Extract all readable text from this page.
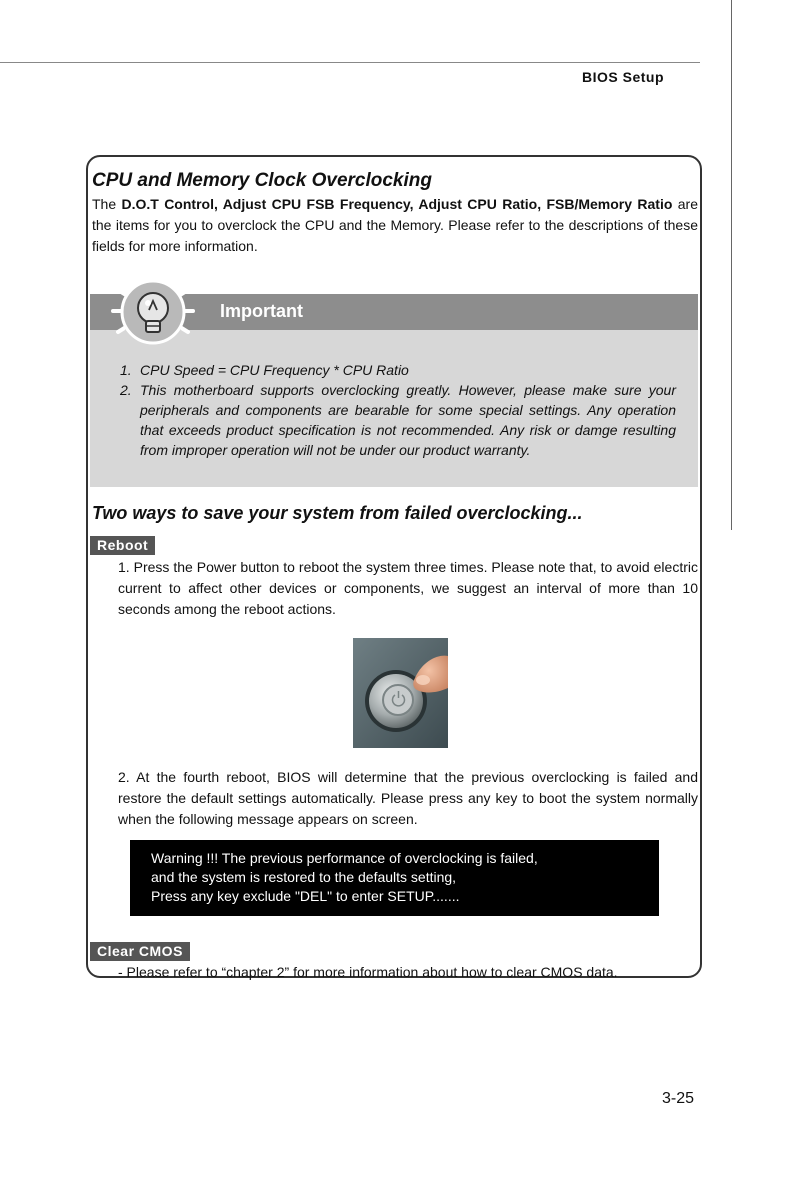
BIOS Setup
CPU and Memory Clock Overclocking
The D.O.T Control, Adjust CPU FSB Frequency, Adjust CPU Ratio, FSB/Memory Ratio are the items for you to overclock the CPU and the Memory. Please refer to the descriptions of these fields for more information.
Important
1. CPU Speed = CPU Frequency * CPU Ratio
2. This motherboard supports overclocking greatly. However, please make sure your peripherals and components are bearable for some special settings. Any operation that exceeds product specification is not recommended. Any risk or damge resulting from improper operation will not be under our product warranty.
Two ways to save your system from failed overclocking...
Reboot
1. Press the Power button to reboot the system three times. Please note that, to avoid electric current to affect other devices or components, we suggest an interval of more than 10 seconds among the reboot actions.
2. At the fourth reboot, BIOS will determine that the previous overclocking is failed and restore the default settings automatically. Please press any key to boot the system normally when the following message appears on screen.
Warning !!! The previous performance of overclocking is failed,
and the system is restored to the defaults setting,
Press any key exclude "DEL" to enter SETUP.......
Clear CMOS
- Please refer to “chapter 2” for more information about how to clear CMOS data.
3-25
